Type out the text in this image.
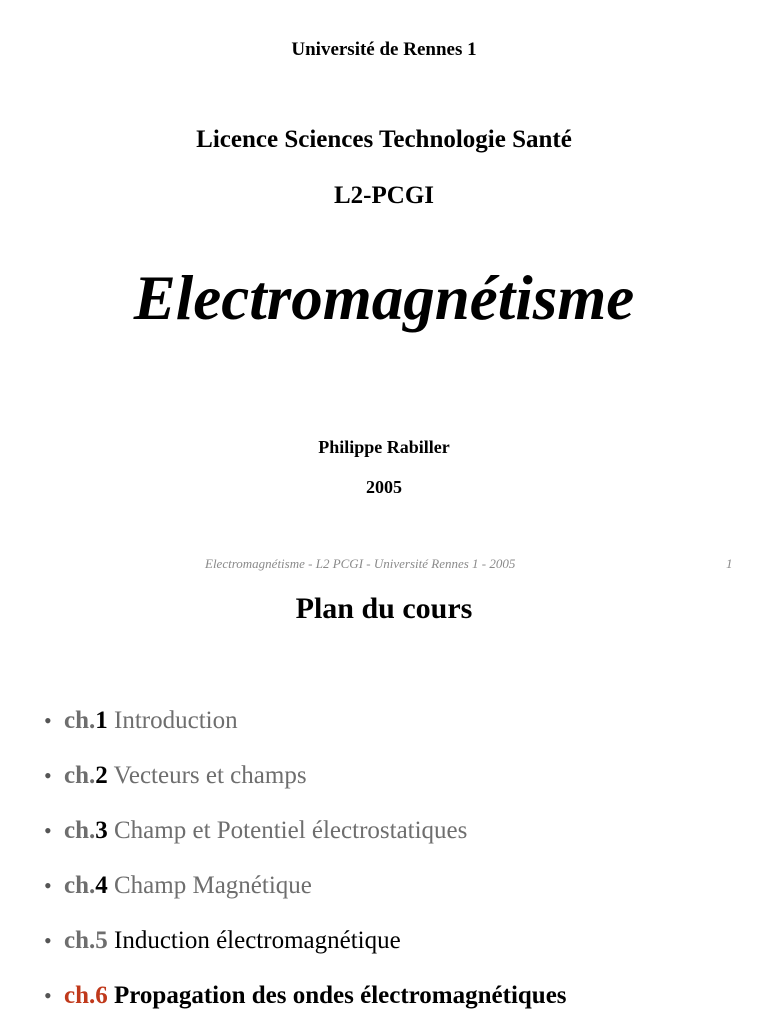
Université de Rennes 1
Licence Sciences Technologie Santé
L2-PCGI
Electromagnétisme
Philippe Rabiller
2005
Electromagnétisme - L2 PCGI - Université Rennes 1 - 2005	1
Plan du cours
• ch.1 Introduction
• ch.2 Vecteurs et champs
• ch.3 Champ et Potentiel électrostatiques
• ch.4 Champ Magnétique
• ch.5 Induction électromagnétique
• ch.6 Propagation des ondes électromagnétiques
